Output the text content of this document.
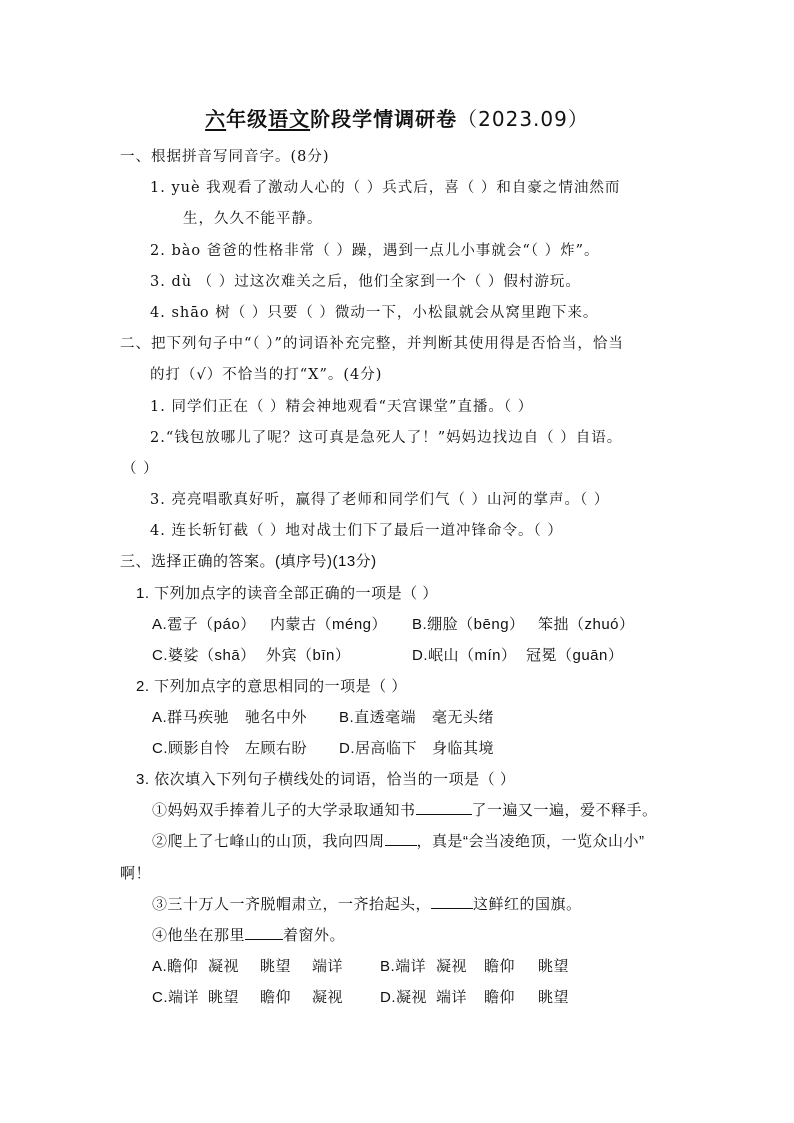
六年级语文阶段学情调研卷（2023.09）
一、根据拼音写同音字。(8分)
1. yuè 我观看了激动人心的（ ）兵式后，喜（ ）和自豪之情油然而
生，久久不能平静。
2. bào 爸爸的性格非常（ ）躁，遇到一点儿小事就会“（ ）炸”。
3. dù （ ）过这次难关之后，他们全家到一个（ ）假村游玩。
4. shāo 树（ ）只要（ ）微动一下，小松鼠就会从窝里跑下来。
二、把下列句子中“（ ）”的词语补充完整，并判断其使用得是否恰当，恰当
的打（√）不恰当的打“X”。(4分)
1. 同学们正在（ ）精会神地观看“天宫课堂”直播。（ ）
2.“钱包放哪儿了呢？这可真是急死人了！”妈妈边找边自（ ）自语。
（ ）
3. 亮亮唱歌真好听，赢得了老师和同学们气（ ）山河的掌声。（ ）
4. 连长斩钉截（ ）地对战士们下了最后一道冲锋命令。（ ）
三、选择正确的答案。(填序号)(13分)
1. 下列加点字的读音全部正确的一项是（ ）
A.雹子（páo） 内蒙古（méng） B.绷脸（bēng） 笨拙（zhuó）
C.婆娑（shā） 外宾（bīn）	D.岷山（mín） 冠冕（guān）
2. 下列加点字的意思相同的一项是（ ）
A.群马疾驰 驰名中外 B.直透毫端 毫无头绪
C.顾影自怜 左顾右盼 D.居高临下 身临其境
3. 依次填入下列句子横线处的词语，恰当的一项是（ ）
①妈妈双手捧着儿子的大学录取通知书	了一遍又一遍，爱不释手。
②爬上了七峰山的山顶，我向四周 ，真是“会当凌绝顶，一览众山小”
啊！
③三十万人一齐脱帽肃立，一齐抬起头，	这鲜红的国旗。
④他坐在那里	着窗外。
A.瞻仰 凝视 眺望 端详 B.端详 凝视 瞻仰 眺望
C.端详 眺望 瞻仰 凝视 D.凝视 端详 瞻仰 眺望
